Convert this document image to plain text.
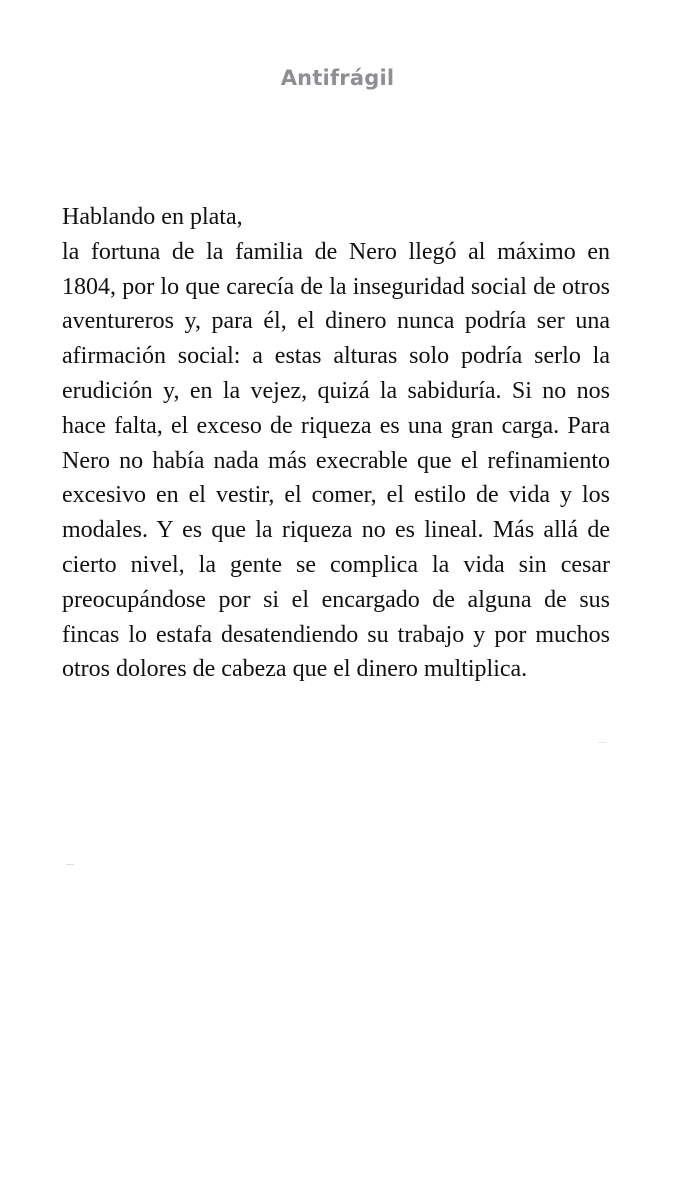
Antifrágil

Hablando en plata,
la fortuna de la familia de Nero llegó al máximo en 1804, por lo que carecía de la inseguridad social de otros aventureros y, para él, el dinero nunca podría ser una afirmación social: a estas alturas solo podría serlo la erudición y, en la vejez, quizá la sabiduría. Si no nos hace falta, el exceso de riqueza es una gran carga. Para Nero no había nada más execrable que el refinamiento excesivo en el vestir, el comer, el estilo de vida y los modales. Y es que la riqueza no es lineal. Más allá de cierto nivel, la gente se complica la vida sin cesar preocupándose por si el encargado de alguna de sus fincas lo estafa desatendiendo su trabajo y por muchos otros dolores de cabeza que el dinero multiplica.
